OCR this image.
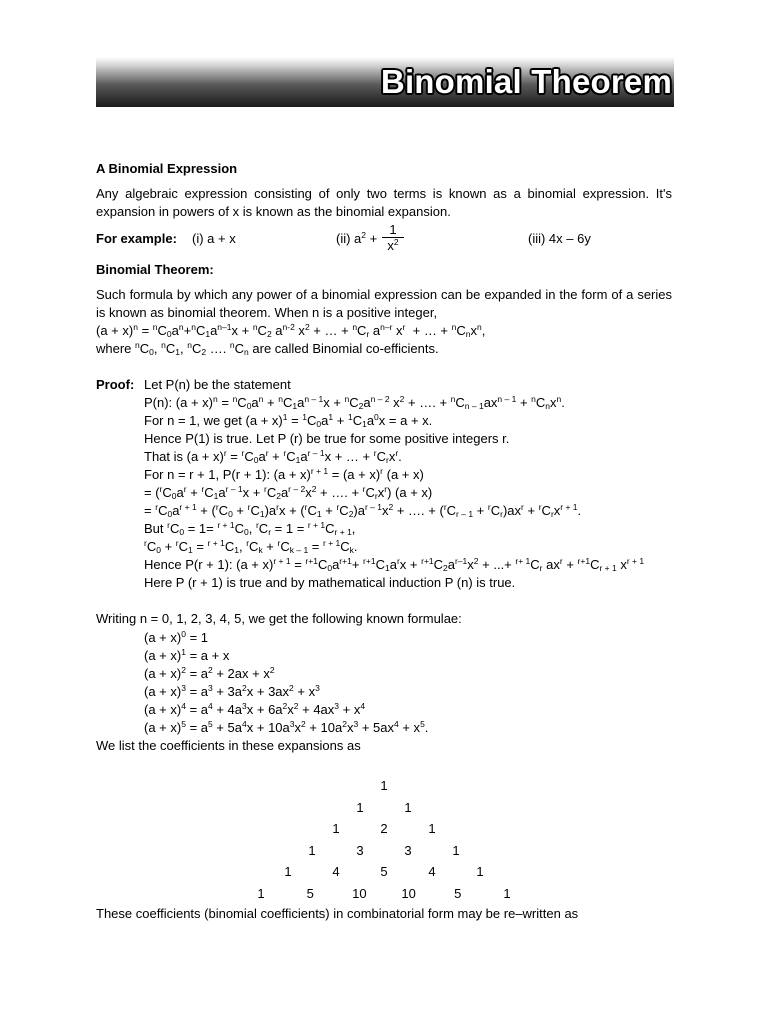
Binomial Theorem
A Binomial Expression
Any algebraic expression consisting of only two terms is known as a binomial expression. It's
expansion in powers of x is known as the binomial expansion.
For example: (i) a + x	(ii) $a^2 + \frac{1}{x^2}$	(iii) 4x – 6y
Binomial Theorem:
Such formula by which any power of a binomial expression can be expanded in the form of a series
is known as binomial theorem. When n is a positive integer,
$(a + x)^n = ^nC_0a^n+^nC_1a^{n-1}x + ^nC_2$ $a^{n-2}$ $x^2$ + … + $^nC_r$ $a^{n-r}$ $x^r$  + … + $^nC_nx^n$,
where $^nC_0$, $^nC_1$, $^nC_2$ …. $^nC_n$ are called Binomial co-efficients.
Proof: Let P(n) be the statement
P(n): $(a + x)^n = ^nC_0a^n + ^nC_1a^{n - 1}x + ^nC_2a^{n - 2}$ $x^2$ + …. + $^nC_{n - 1}ax^{n - 1} + ^nC_nx^n$.
For n = 1, we get $(a + x)^1 = ^1C_0a^1 + ^1C_1a^0x = a + x$.
Hence P(1) is true. Let P (r) be true for some positive integers r.
That is $(a + x)^r = ^rC_0a^r + ^rC_1a^{r - 1}x$ + … + $^rC_rx^r$.
For n = r + 1, P(r + 1): $(a + x)^{r + 1} = (a + x)^r$ (a + x)
= ($^rC_0a^r + ^rC_1a^{r - 1}x + ^rC_2a^{r - 2}x^2$ + …. + $^rC_rx^r$) (a + x)
= $^rC_0a^{r + 1} + (^rC_0 + ^rC_1)a^rx + (^rC_1 + ^rC_2)a^{r - 1}x^2$ + …. + $(^rC_{r - 1} + ^rC_r)ax^r + ^rC_rx^{r + 1}$.
But $^rC_0 = 1= ^{r + 1}C_0$, $^rC_r = 1 = ^{r + 1}C_{r + 1}$,
$^rC_0 + ^rC_1 = ^{r + 1}C_1$, $^rC_k + ^rC_{k - 1} = ^{r + 1}C_k$.
Hence P(r + 1): $(a + x)^{r + 1} = ^{r+1}C_0a^{r+1}+ ^{r+1}C_1a^rx + ^{r+1}C_2a^{r-1}x^2$ + ...+ $^{r+ 1}C_r$ $ax^r + ^{r+1}C_{r + 1}$ $x^{r + 1}$
Here P (r + 1) is true and by mathematical induction P (n) is true.
Writing n = 0, 1, 2, 3, 4, 5, we get the following known formulae:
$(a + x)^0 = 1$
$(a + x)^1 = a + x$
$(a + x)^2 = a^2 + 2ax + x^2$
$(a + x)^3 = a^3 + 3a^2x + 3ax^2 + x^3$
$(a + x)^4 = a^4 + 4a^3x + 6a^2x^2 + 4ax^3 + x^4$
$(a + x)^5 = a^5 + 5a^4x + 10a^3x^2 + 10a^2x^3 + 5ax^4 + x^5$.
We list the coefficients in these expansions as
1
1	1
1	2	1
1	3	3	1
1	4	5	4	1
1	5	10	10	5	1
These coefficients (binomial coefficients) in combinatorial form may be re–written as
